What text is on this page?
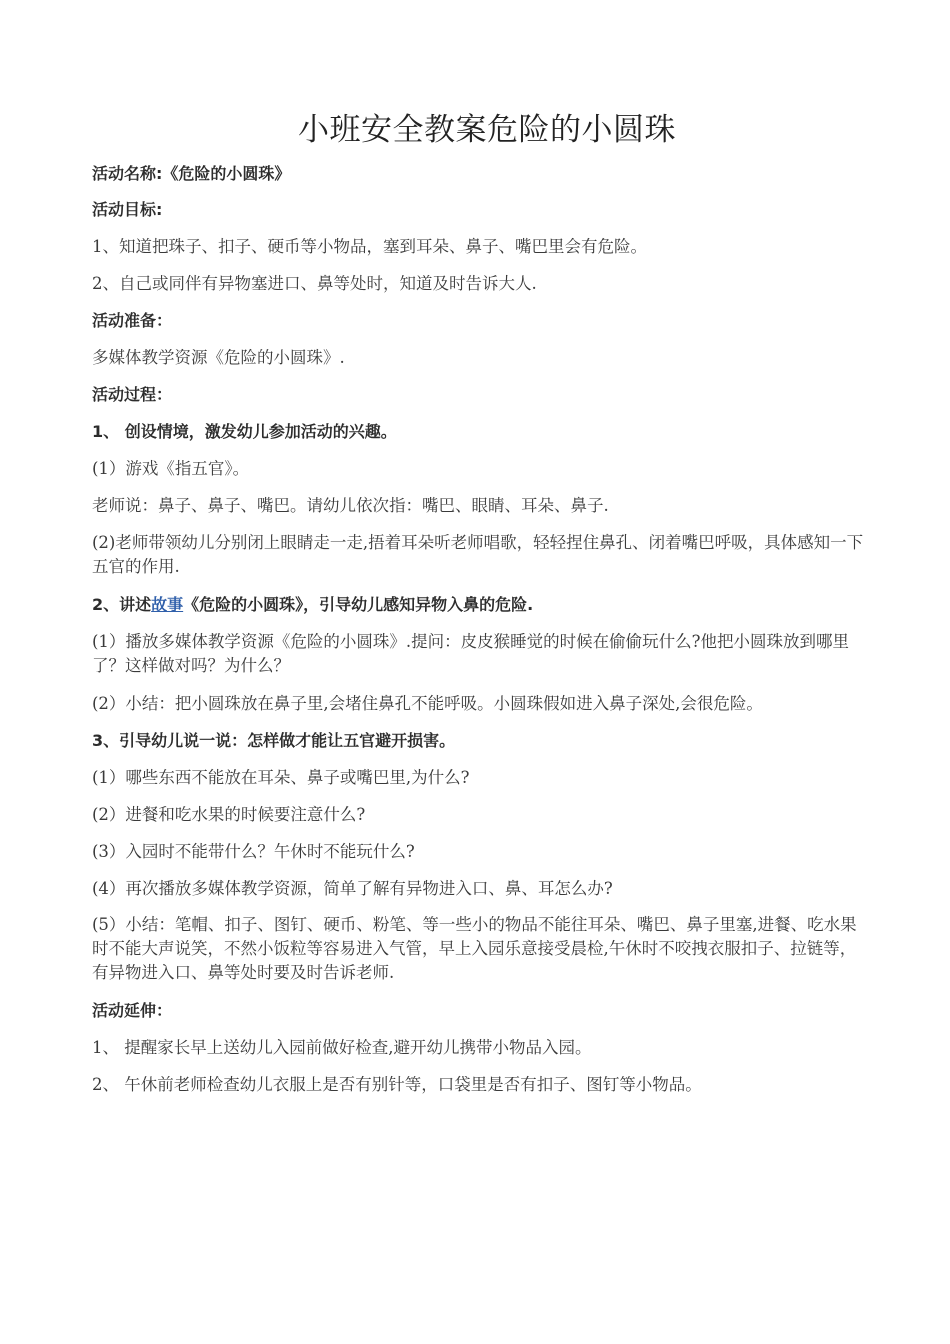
小班安全教案危险的小圆珠
活动名称:《危险的小圆珠》
活动目标:
1、知道把珠子、扣子、硬币等小物品，塞到耳朵、鼻子、嘴巴里会有危险。
2、自己或同伴有异物塞进口、鼻等处时，知道及时告诉大人.
活动准备：
多媒体教学资源《危险的小圆珠》.
活动过程：
1、 创设情境，激发幼儿参加活动的兴趣。
(1）游戏《指五官》。
老师说：鼻子、鼻子、嘴巴。请幼儿依次指：嘴巴、眼睛、耳朵、鼻子.
(2)老师带领幼儿分别闭上眼睛走一走,捂着耳朵听老师唱歌，轻轻捏住鼻孔、闭着嘴巴呼吸，具体感知一下五官的作用.
2、讲述故事《危险的小圆珠》，引导幼儿感知异物入鼻的危险.
(1）播放多媒体教学资源《危险的小圆珠》.提问：皮皮猴睡觉的时候在偷偷玩什么?他把小圆珠放到哪里了？这样做对吗？为什么？
(2）小结：把小圆珠放在鼻子里,会堵住鼻孔不能呼吸。小圆珠假如进入鼻子深处,会很危险。
3、引导幼儿说一说：怎样做才能让五官避开损害。
(1）哪些东西不能放在耳朵、鼻子或嘴巴里,为什么?
(2）进餐和吃水果的时候要注意什么?
(3）入园时不能带什么？午休时不能玩什么?
(4）再次播放多媒体教学资源，简单了解有异物进入口、鼻、耳怎么办?
(5）小结：笔帽、扣子、图钉、硬币、粉笔、等一些小的物品不能往耳朵、嘴巴、鼻子里塞,进餐、吃水果时不能大声说笑，不然小饭粒等容易进入气管，早上入园乐意接受晨检,午休时不咬拽衣服扣子、拉链等，有异物进入口、鼻等处时要及时告诉老师.
活动延伸：
1、 提醒家长早上送幼儿入园前做好检查,避开幼儿携带小物品入园。
2、 午休前老师检查幼儿衣服上是否有别针等，口袋里是否有扣子、图钉等小物品。
